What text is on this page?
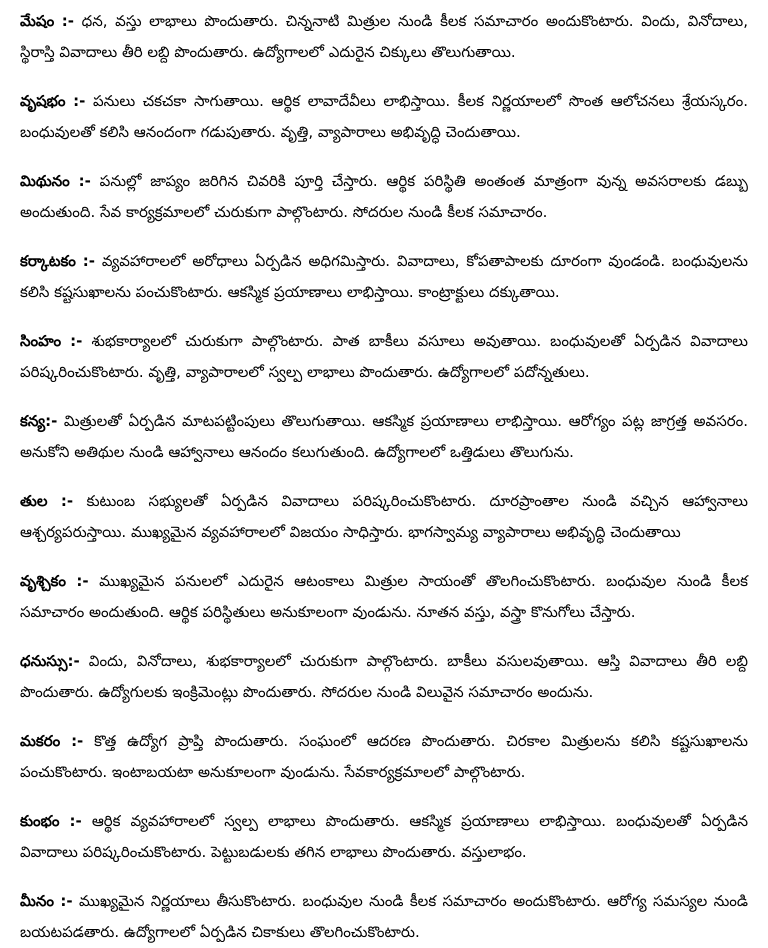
మేషం :- ధన, వస్తు లాభాలు పొందుతారు. చిన్ననాటి మిత్రుల నుండి కీలక సమాచారం అందుకొంటారు. విందు, వినోదాలు, స్థిరాస్తి వివాదాలు తీరి లబ్ది పొందుతారు. ఉద్యోగాలలో ఎదురైన చిక్కులు తొలుగుతాయి.

వృషభం :- పనులు చకచకా సాగుతాయి. ఆర్థిక లావాదేవీలు లాభిస్తాయి. కీలక నిర్ణయాలలో సొంత ఆలోచనలు శ్రేయస్కరం. బంధువులతో కలిసి ఆనందంగా గడుపుతారు. వృత్తి, వ్యాపారాలు అభివృద్ధి చెందుతాయి.

మిథునం :- పనుల్లో జాప్యం జరిగిన చివరికి పూర్తి చేస్తారు. ఆర్థిక పరిస్థితి అంతంత మాత్రంగా వున్న అవసరాలకు డబ్బు అందుతుంది. సేవ కార్యక్రమాలలో చురుకుగా పాల్గొంటారు. సోదరుల నుండి కీలక సమాచారం.

కర్కాటకం :- వ్యవహారాలలో అరోధాలు ఏర్పడిన అధిగమిస్తారు. వివాదాలు, కోపతాపాలకు దూరంగా వుండండి. బంధువులను కలిసి కష్టసుఖాలను పంచుకొంటారు. ఆకస్మిక ప్రయాణాలు లాభిస్తాయి. కాంట్రాక్టులు దక్కుతాయి.

సింహం :- శుభకార్యాలలో చురుకుగా పాల్గొంటారు. పాత బాకీలు వసూలు అవుతాయి. బంధువులతో ఏర్పడిన వివాదాలు పరిష్కరించుకొంటారు. వృత్తి, వ్యాపారాలలో స్వల్ప లాభాలు పొందుతారు. ఉద్యోగాలలో పదోన్నతులు.

కన్య:- మిత్రులతో ఏర్పడిన మాటపట్టింపులు తొలుగుతాయి. ఆకస్మిక ప్రయాణాలు లాభిస్తాయి. ఆరోగ్యం పట్ల జాగ్రత్త అవసరం. అనుకోని అతిథుల నుండి ఆహ్వానాలు ఆనందం కలుగుతుంది. ఉద్యోగాలలో ఒత్తిడులు తొలుగును.

తుల :- కుటుంబ సభ్యులతో ఏర్పడిన వివాదాలు పరిష్కరించుకొంటారు. దూరప్రాంతాల నుండి వచ్చిన ఆహ్వానాలు ఆశ్చర్యపరుస్తాయి. ముఖ్యమైన వ్యవహారాలలో విజయం సాధిస్తారు. భాగస్వామ్య వ్యాపారాలు అభివృద్ధి చెందుతాయి

వృశ్చికం :- ముఖ్యమైన పనులలో ఎదురైన ఆటంకాలు మిత్రుల సాయంతో తొలగించుకొంటారు. బంధువుల నుండి కీలక సమాచారం అందుతుంది. ఆర్థిక పరిస్థితులు అనుకూలంగా వుండును. నూతన వస్తు, వస్త్రా కొనుగోలు చేస్తారు.

ధనుస్సు:- విందు, వినోదాలు, శుభకార్యాలలో చురుకుగా పాల్గొంటారు. బాకీలు వసులవుతాయి. ఆస్తి వివాదాలు తీరి లబ్ది పొందుతారు. ఉద్యోగులకు ఇంక్రిమెంట్లు పొందుతారు. సోదరుల నుండి విలువైన సమాచారం అందును.

మకరం :- కొత్త ఉద్యోగ ప్రాప్తి పొందుతారు. సంఘంలో ఆదరణ పొందుతారు. చిరకాల మిత్రులను కలిసి కష్టసుఖాలను పంచుకొంటారు. ఇంటాబయటా అనుకూలంగా వుండును. సేవకార్యక్రమాలలో పాల్గొంటారు.

కుంభం :- ఆర్థిక వ్యవహారాలలో స్వల్ప లాభాలు పొందుతారు. ఆకస్మిక ప్రయాణాలు లాభిస్తాయి. బంధువులతో ఏర్పడిన వివాదాలు పరిష్కరించుకొంటారు. పెట్టుబడులకు తగిన లాభాలు పొందుతారు. వస్తులాభం.

మీనం :- ముఖ్యమైన నిర్ణయాలు తీసుకొంటారు. బంధువుల నుండి కీలక సమాచారం అందుకొంటారు. ఆరోగ్య సమస్యల నుండి బయటపడతారు. ఉద్యోగాలలో ఏర్పడిన చికాకులు తొలగించుకొంటారు.
